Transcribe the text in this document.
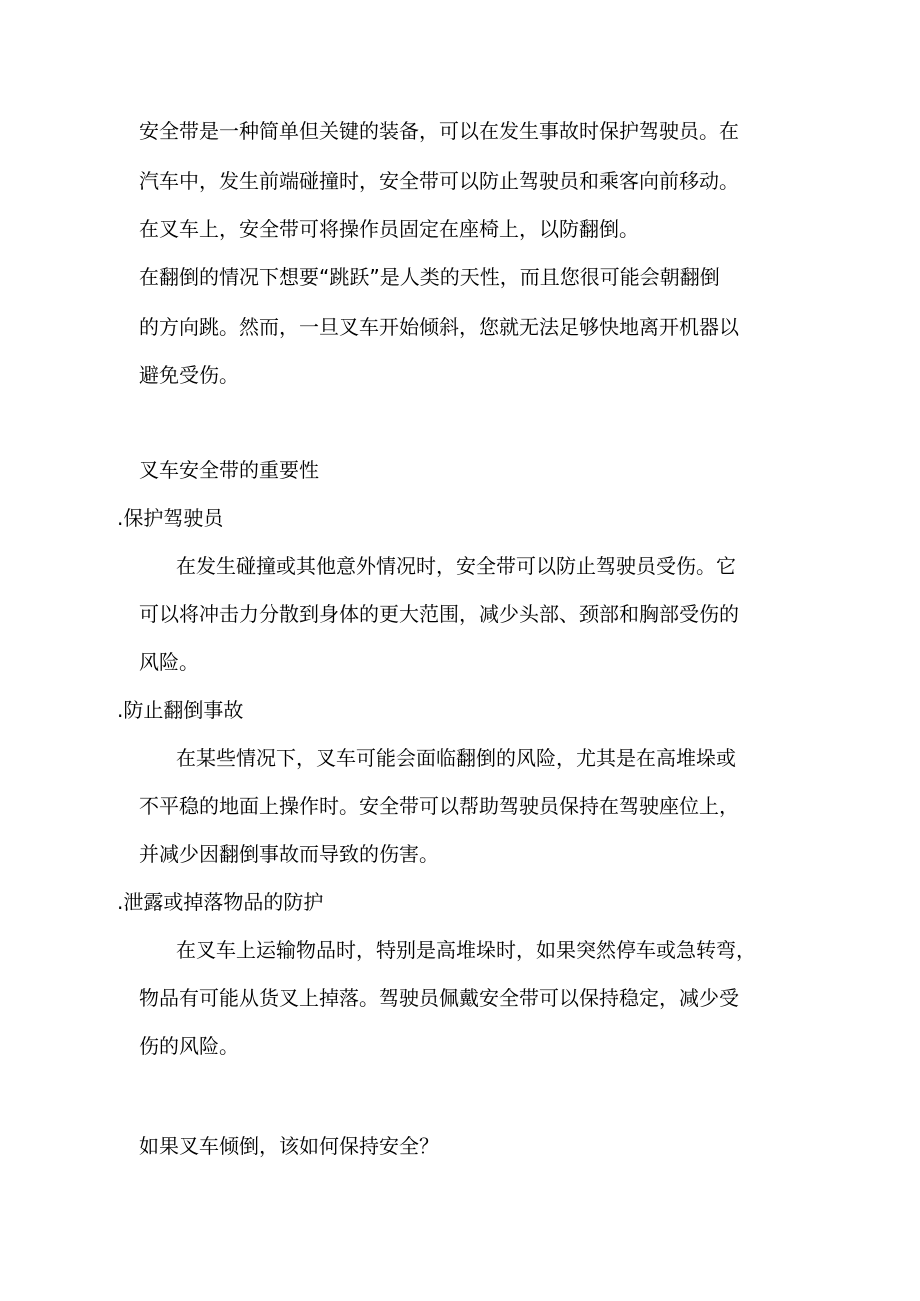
安全带是一种简单但关键的装备，可以在发生事故时保护驾驶员。在
汽车中，发生前端碰撞时，安全带可以防止驾驶员和乘客向前移动。
在叉车上，安全带可将操作员固定在座椅上，以防翻倒。
在翻倒的情况下想要“跳跃”是人类的天性，而且您很可能会朝翻倒
的方向跳。然而，一旦叉车开始倾斜，您就无法足够快地离开机器以
避免受伤。
叉车安全带的重要性
.保护驾驶员
在发生碰撞或其他意外情况时，安全带可以防止驾驶员受伤。它
可以将冲击力分散到身体的更大范围，减少头部、颈部和胸部受伤的
风险。
.防止翻倒事故
在某些情况下，叉车可能会面临翻倒的风险，尤其是在高堆垛或
不平稳的地面上操作时。安全带可以帮助驾驶员保持在驾驶座位上，
并减少因翻倒事故而导致的伤害。
.泄露或掉落物品的防护
在叉车上运输物品时，特别是高堆垛时，如果突然停车或急转弯，
物品有可能从货叉上掉落。驾驶员佩戴安全带可以保持稳定，减少受
伤的风险。
如果叉车倾倒，该如何保持安全？
